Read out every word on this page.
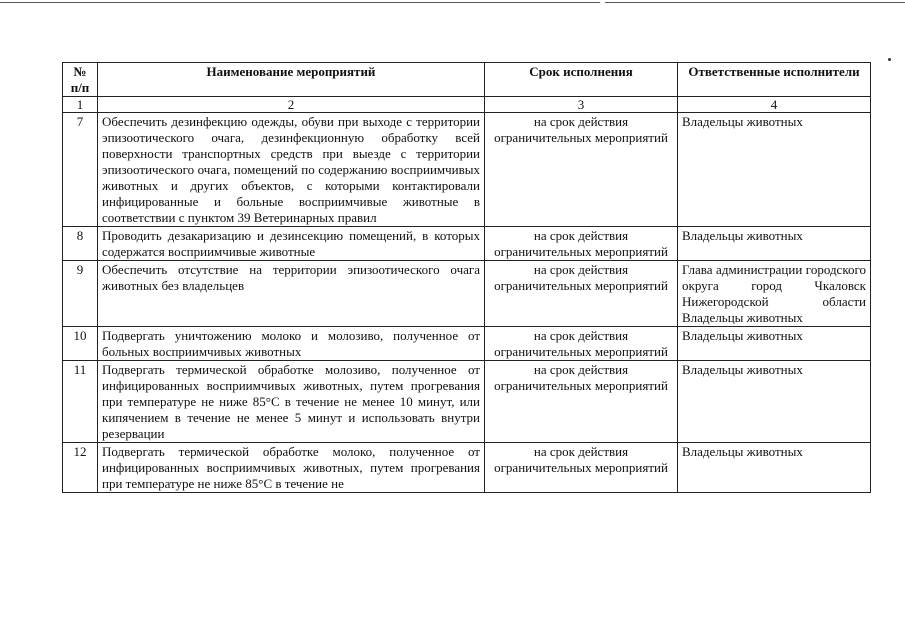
№ п/п	Наименование мероприятий	Срок исполнения	Ответственные исполнители
1	2	3	4
7	Обеспечить дезинфекцию одежды, обуви при выходе с территории эпизоотического очага, дезинфекционную обработку всей поверхности транспортных средств при выезде с территории эпизоотического очага, помещений по содержанию восприимчивых животных и других объектов, с которыми контактировали инфицированные и больные восприимчивые животные в соответствии с пунктом 39 Ветеринарных правил	на срок действия ограничительных мероприятий	Владельцы животных

8	Проводить дезакаризацию и дезинсекцию помещений, в которых содержатся восприимчивые животные	на срок действия ограничительных мероприятий	Владельцы животных

9	Обеспечить отсутствие на территории эпизоотического очага животных без владельцев	на срок действия ограничительных мероприятий	Глава администрации городского округа город Чкаловск Нижегородской области
Владельцы животных

10	Подвергать уничтожению молоко и молозиво, полученное от больных восприимчивых животных	на срок действия ограничительных мероприятий	Владельцы животных

11	Подвергать термической обработке молозиво, полученное от инфицированных восприимчивых животных, путем прогревания при температуре не ниже 85°С в течение не менее 10 минут, или кипячением в течение не менее 5 минут и использовать внутри резервации	на срок действия ограничительных мероприятий	Владельцы животных

12	Подвергать термической обработке молоко, полученное от инфицированных восприимчивых животных, путем прогревания при температуре не ниже 85°С в течение не	на срок действия ограничительных мероприятий	Владельцы животных
